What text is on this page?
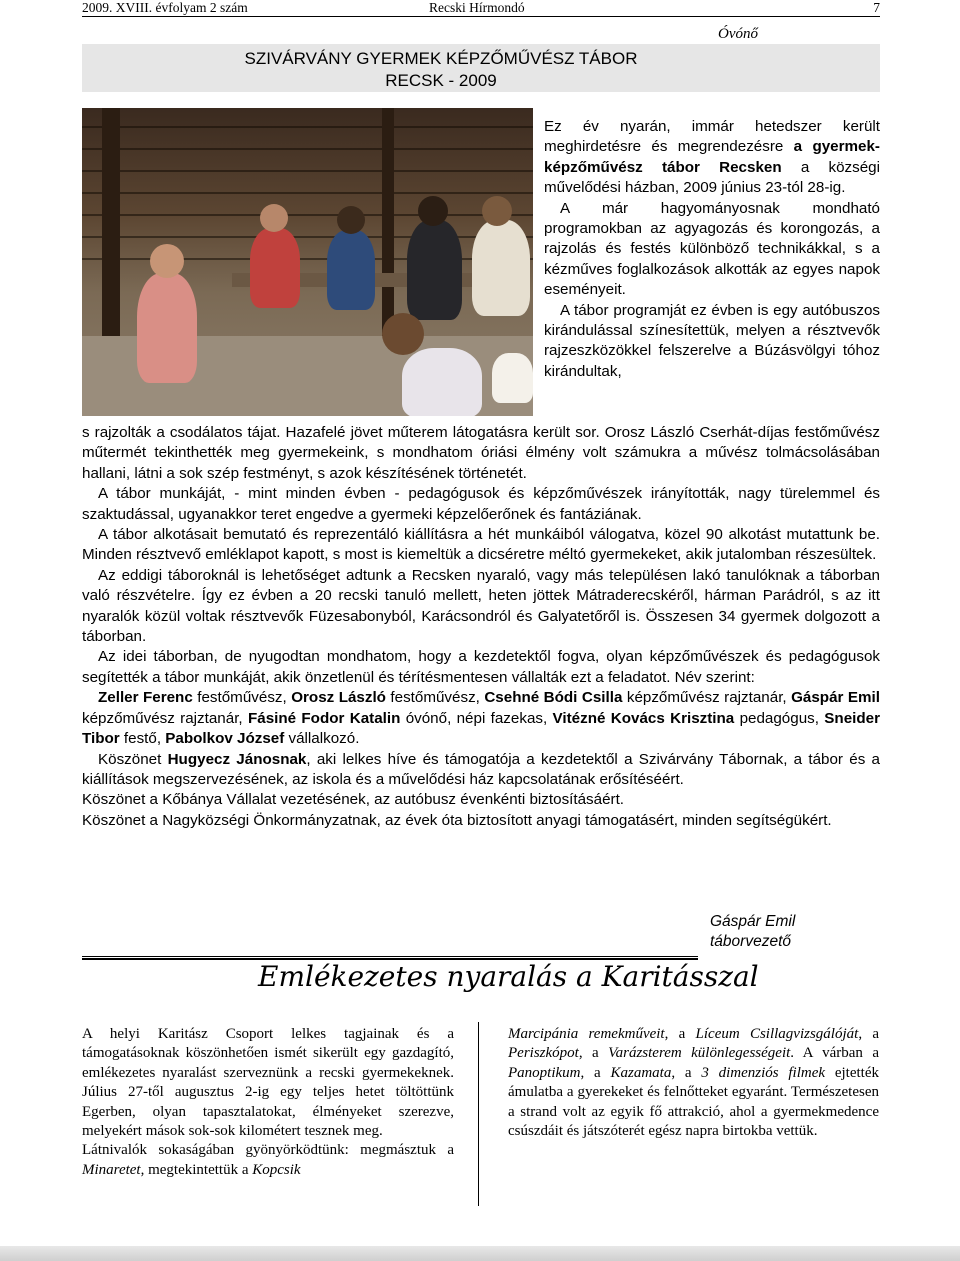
2009. XVIII. évfolyam 2 szám	Recski Hírmondó	7
Óvónő
SZIVÁRVÁNY GYERMEK KÉPZŐMŰVÉSZ TÁBOR
RECSK - 2009

Ez év nyarán, immár hetedszer került meghirdetésre és megrendezésre a gyermek-képzőművész tábor Recsken a községi művelődési házban, 2009 június 23-tól 28-ig.

A már hagyományosnak mondható programokban az agyagozás és korongozás, a rajzolás és festés különböző technikákkal, s a kézműves foglalkozások alkották az egyes napok eseményeit.

A tábor programját ez évben is egy autóbuszos kirándulással színesítettük, melyen a résztvevők rajzeszközökkel felszerelve a Búzásvölgyi tóhoz kirándultak,

s rajzolták a csodálatos tájat. Hazafelé jövet műterem látogatásra került sor. Orosz László Cserhát-díjas festőművész műtermét tekinthették meg gyermekeink, s mondhatom óriási élmény volt számukra a művész tolmácsolásában hallani, látni a sok szép festményt, s azok készítésének történetét.

A tábor munkáját, - mint minden évben - pedagógusok és képzőművészek irányították, nagy türelemmel és szaktudással, ugyanakkor teret engedve a gyermeki képzelőerőnek és fantáziának.

A tábor alkotásait bemutató és reprezentáló kiállításra a hét munkáiból válogatva, közel 90 alkotást mutattunk be. Minden résztvevő emléklapot kapott, s most is kiemeltük a dicséretre méltó gyermekeket, akik jutalomban részesültek.

Az eddigi táboroknál is lehetőséget adtunk a Recsken nyaraló, vagy más településen lakó tanulóknak a táborban való részvételre. Így ez évben a 20 recski tanuló mellett, heten jöttek Mátraderecskéről, hárman Parádról, s az itt nyaralók közül voltak résztvevők Füzesabonyból, Karácsondról és Galyatetőről is. Összesen 34 gyermek dolgozott a táborban.

Az idei táborban, de nyugodtan mondhatom, hogy a kezdetektől fogva, olyan képzőművészek és pedagógusok segítették a tábor munkáját, akik önzetlenül és térítésmentesen vállalták ezt a feladatot. Név szerint:

Zeller Ferenc festőművész, Orosz László festőművész, Csehné Bódi Csilla képzőművész rajztanár, Gáspár Emil képzőművész rajztanár, Fásiné Fodor Katalin óvónő, népi fazekas, Vitézné Kovács Krisztina pedagógus, Sneider Tibor festő, Pabolkov József vállalkozó.

Köszönet Hugyecz Jánosnak, aki lelkes híve és támogatója a kezdetektől a Szivárvány Tábornak, a tábor és a kiállítások megszervezésének, az iskola és a művelődési ház kapcsolatának erősítéséért.

Köszönet a Kőbánya Vállalat vezetésének, az autóbusz évenkénti biztosításáért.

Köszönet a Nagyközségi Önkormányzatnak, az évek óta biztosított anyagi támogatásért, minden segítségükért.

Gáspár Emil
táborvezető
Emlékezetes nyaralás a Karitásszal

A helyi Karitász Csoport lelkes tagjainak és a támogatásoknak köszönhetően ismét sikerült egy gazdagító, emlékezetes nyaralást szerveznünk a recski gyermekeknek. Július 27-től augusztus 2-ig egy teljes hetet töltöttünk Egerben, olyan tapasztalatokat, élményeket szerezve, melyekért mások sok-sok kilométert tesznek meg.

Látnivalók sokaságában gyönyörködtünk: megmásztuk a Minaretet, megtekintettük a Kopcsik

Marcipánia remekműveit, a Líceum Csillagvizsgálóját, a Periszkópot, a Varázsterem különlegességeit. A várban a Panoptikum, a Kazamata, a 3 dimenziós filmek ejtették ámulatba a gyerekeket és felnőtteket egyaránt. Természetesen a strand volt az egyik fő attrakció, ahol a gyermekmedence csúszdáit és játszóterét egész napra birtokba vettük.
